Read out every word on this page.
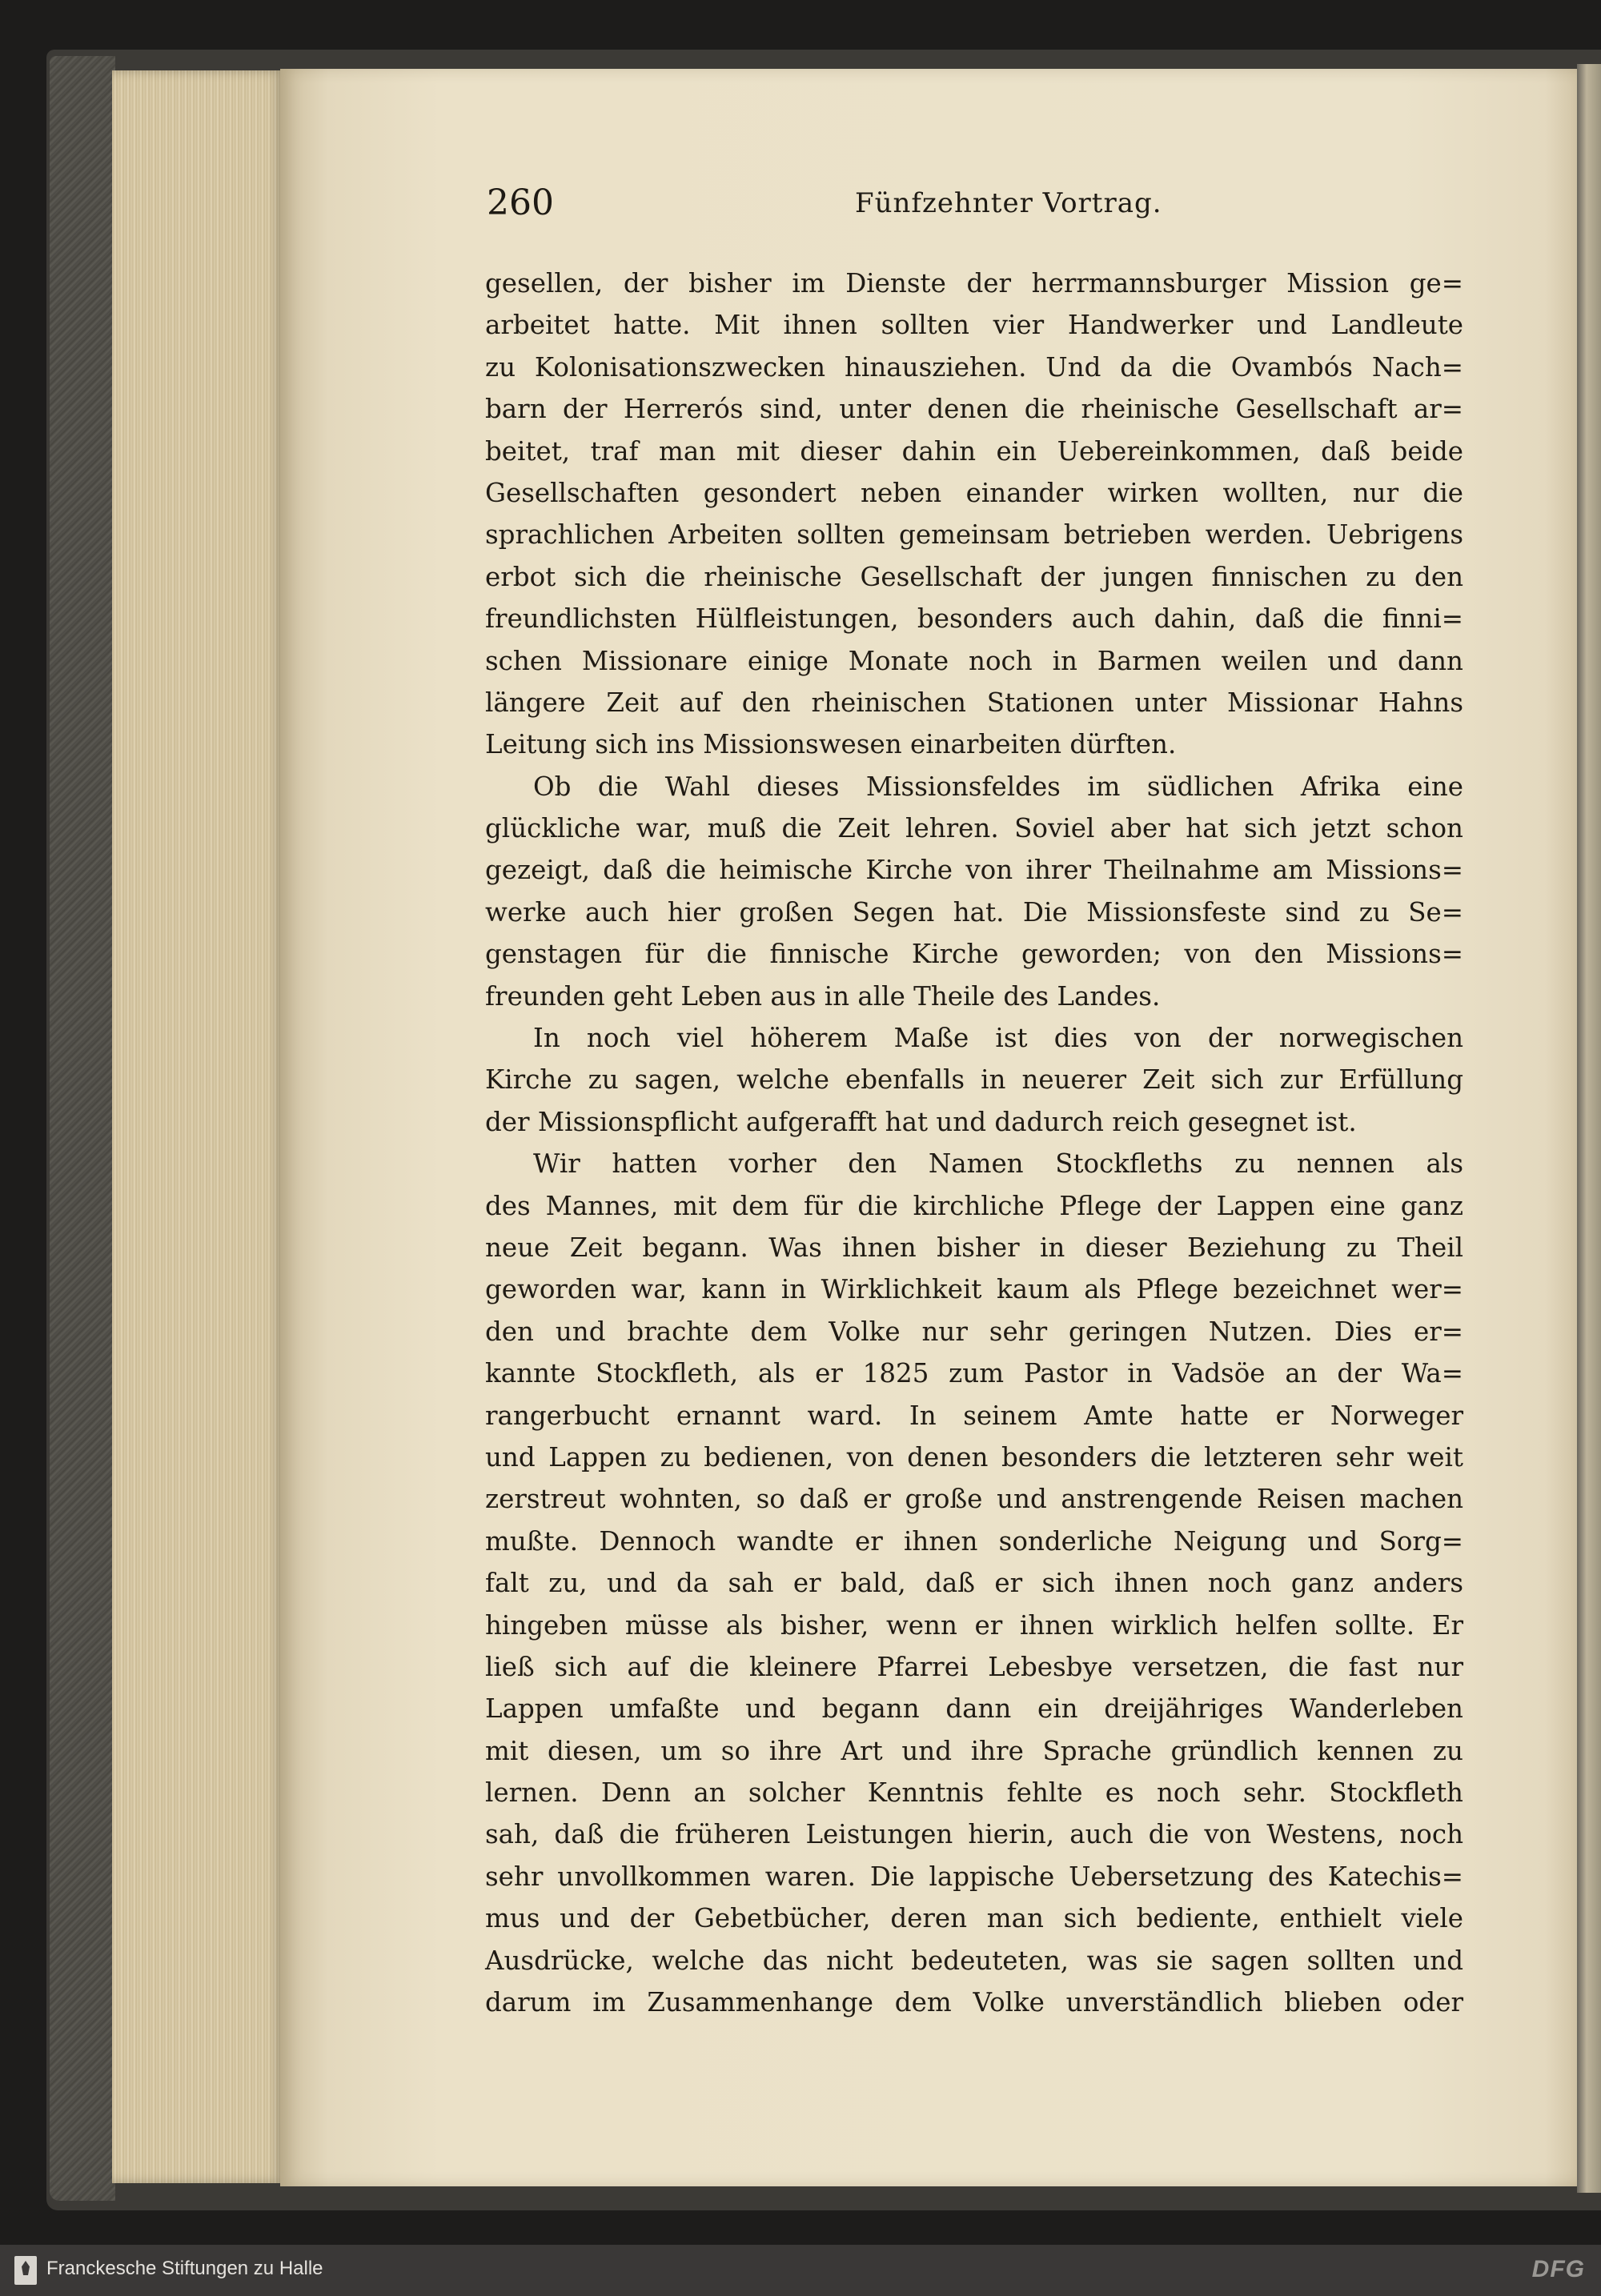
260	Fünfzehnter Vortrag.
gesellen, der bisher im Dienste der herrmannsburger Mission ge=
arbeitet hatte. Mit ihnen sollten vier Handwerker und Landleute
zu Kolonisationszwecken hinausziehen. Und da die Ovambós Nach=
barn der Herrerós sind, unter denen die rheinische Gesellschaft ar=
beitet, traf man mit dieser dahin ein Uebereinkommen, daß beide
Gesellschaften gesondert neben einander wirken wollten, nur die
sprachlichen Arbeiten sollten gemeinsam betrieben werden. Uebrigens
erbot sich die rheinische Gesellschaft der jungen finnischen zu den
freundlichsten Hülfleistungen, besonders auch dahin, daß die finni=
schen Missionare einige Monate noch in Barmen weilen und dann
längere Zeit auf den rheinischen Stationen unter Missionar Hahns
Leitung sich ins Missionswesen einarbeiten dürften.
Ob die Wahl dieses Missionsfeldes im südlichen Afrika eine
glückliche war, muß die Zeit lehren. Soviel aber hat sich jetzt schon
gezeigt, daß die heimische Kirche von ihrer Theilnahme am Missions=
werke auch hier großen Segen hat. Die Missionsfeste sind zu Se=
genstagen für die finnische Kirche geworden; von den Missions=
freunden geht Leben aus in alle Theile des Landes.
In noch viel höherem Maße ist dies von der norwegischen
Kirche zu sagen, welche ebenfalls in neuerer Zeit sich zur Erfüllung
der Missionspflicht aufgerafft hat und dadurch reich gesegnet ist.
Wir hatten vorher den Namen Stockfleths zu nennen als
des Mannes, mit dem für die kirchliche Pflege der Lappen eine ganz
neue Zeit begann. Was ihnen bisher in dieser Beziehung zu Theil
geworden war, kann in Wirklichkeit kaum als Pflege bezeichnet wer=
den und brachte dem Volke nur sehr geringen Nutzen. Dies er=
kannte Stockfleth, als er 1825 zum Pastor in Vadsöe an der Wa=
rangerbucht ernannt ward. In seinem Amte hatte er Norweger
und Lappen zu bedienen, von denen besonders die letzteren sehr weit
zerstreut wohnten, so daß er große und anstrengende Reisen machen
mußte. Dennoch wandte er ihnen sonderliche Neigung und Sorg=
falt zu, und da sah er bald, daß er sich ihnen noch ganz anders
hingeben müsse als bisher, wenn er ihnen wirklich helfen sollte. Er
ließ sich auf die kleinere Pfarrei Lebesbye versetzen, die fast nur
Lappen umfaßte und begann dann ein dreijähriges Wanderleben
mit diesen, um so ihre Art und ihre Sprache gründlich kennen zu
lernen. Denn an solcher Kenntnis fehlte es noch sehr. Stockfleth
sah, daß die früheren Leistungen hierin, auch die von Westens, noch
sehr unvollkommen waren. Die lappische Uebersetzung des Katechis=
mus und der Gebetbücher, deren man sich bediente, enthielt viele
Ausdrücke, welche das nicht bedeuteten, was sie sagen sollten und
darum im Zusammenhange dem Volke unverständlich blieben oder
Franckesche Stiftungen zu Halle	DFG
